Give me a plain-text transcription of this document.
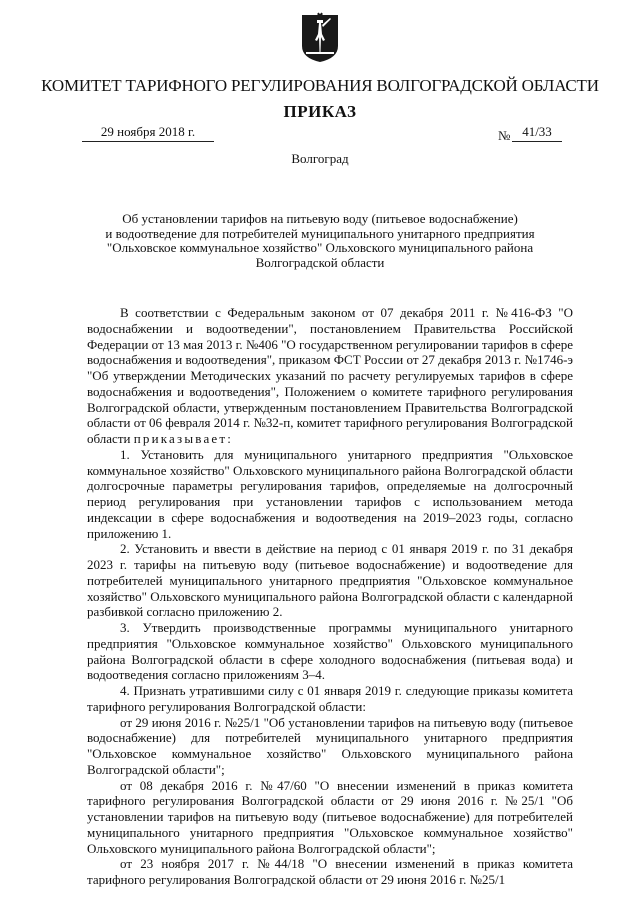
КОМИТЕТ ТАРИФНОГО РЕГУЛИРОВАНИЯ ВОЛГОГРАДСКОЙ ОБЛАСТИ
ПРИКАЗ
29 ноября 2018 г.	№ 41/33
Волгоград
Об установлении тарифов на питьевую воду (питьевое водоснабжение)
и водоотведение для потребителей муниципального унитарного предприятия
"Ольховское коммунальное хозяйство" Ольховского муниципального района
Волгоградской области

В соответствии с Федеральным законом от 07 декабря 2011 г. №416-ФЗ "О водоснабжении и водоотведении", постановлением Правительства Российской Федерации от 13 мая 2013 г. №406 "О государственном регулировании тарифов в сфере водоснабжения и водоотведения", приказом ФСТ России от 27 декабря 2013 г. №1746-э "Об утверждении Методических указаний по расчету регулируемых тарифов в сфере водоснабжения и водоотведения", Положением о комитете тарифного регулирования Волгоградской области, утвержденным постановлением Правительства Волгоградской области от 06 февраля 2014 г. №32-п, комитет тарифного регулирования Волгоградской области приказывает:

1. Установить для муниципального унитарного предприятия "Ольховское коммунальное хозяйство" Ольховского муниципального района Волгоградской области долгосрочные параметры регулирования тарифов, определяемые на долгосрочный период регулирования при установлении тарифов с использованием метода индексации в сфере водоснабжения и водоотведения на 2019–2023 годы, согласно приложению 1.

2. Установить и ввести в действие на период с 01 января 2019 г. по 31 декабря 2023 г. тарифы на питьевую воду (питьевое водоснабжение) и водоотведение для потребителей муниципального унитарного предприятия "Ольховское коммунальное хозяйство" Ольховского муниципального района Волгоградской области с календарной разбивкой согласно приложению 2.

3. Утвердить производственные программы муниципального унитарного предприятия "Ольховское коммунальное хозяйство" Ольховского муниципального района Волгоградской области в сфере холодного водоснабжения (питьевая вода) и водоотведения согласно приложениям 3–4.

4. Признать утратившими силу с 01 января 2019 г. следующие приказы комитета тарифного регулирования Волгоградской области:

от 29 июня 2016 г. №25/1 "Об установлении тарифов на питьевую воду (питьевое водоснабжение) для потребителей муниципального унитарного предприятия "Ольховское коммунальное хозяйство" Ольховского муниципального района Волгоградской области";

от 08 декабря 2016 г. №47/60 "О внесении изменений в приказ комитета тарифного регулирования Волгоградской области от 29 июня 2016 г. №25/1 "Об установлении тарифов на питьевую воду (питьевое водоснабжение) для потребителей муниципального унитарного предприятия "Ольховское коммунальное хозяйство" Ольховского муниципального района Волгоградской области";

от 23 ноября 2017 г. №44/18 "О внесении изменений в приказ комитета тарифного регулирования Волгоградской области от 29 июня 2016 г. №25/1
